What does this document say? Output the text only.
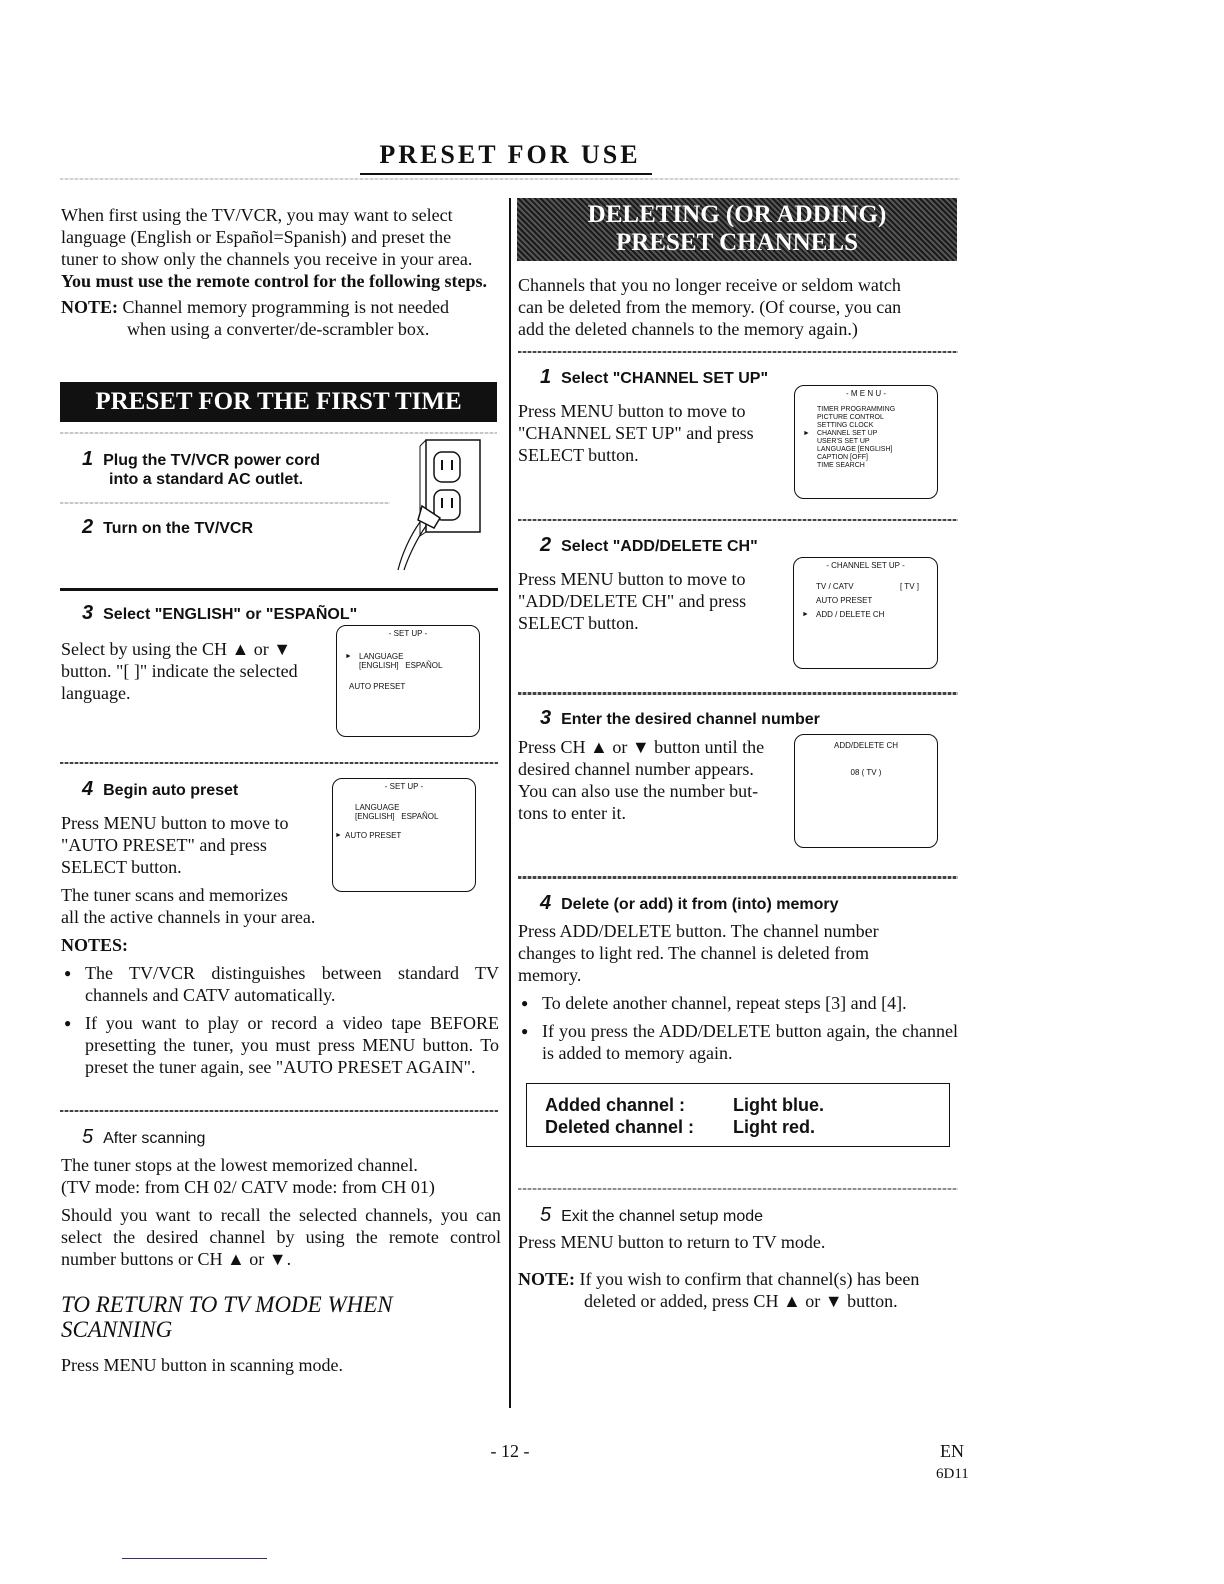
PRESET FOR USE
When first using the TV/VCR, you may want to select
language (English or Español=Spanish) and preset the
tuner to show only the channels you receive in your area.
You must use the remote control for the following steps.
NOTE: Channel memory programming is not needed
when using a converter/de-scrambler box.
PRESET FOR THE FIRST TIME
1 Plug the TV/VCR power cord
into a standard AC outlet.
2 Turn on the TV/VCR
3 Select "ENGLISH" or "ESPAÑOL"
Select by using the CH ▲ or ▼
button. "[ ]" indicate the selected
language.
- SET UP -
► LANGUAGE
[ENGLISH] ESPAÑOL
AUTO PRESET
4 Begin auto preset
Press MENU button to move to
"AUTO PRESET" and press
SELECT button.
- SET UP -
LANGUAGE
[ENGLISH] ESPAÑOL
► AUTO PRESET
The tuner scans and memorizes
all the active channels in your area.
NOTES:
● The TV/VCR distinguishes between standard TV channels and CATV automatically.
● If you want to play or record a video tape BEFORE presetting the tuner, you must press MENU button. To preset the tuner again, see "AUTO PRESET AGAIN".
5 After scanning
The tuner stops at the lowest memorized channel.
(TV mode: from CH 02/ CATV mode: from CH 01)
Should you want to recall the selected channels, you can select the desired channel by using the remote control number buttons or CH ▲ or ▼.
TO RETURN TO TV MODE WHEN
SCANNING
Press MENU button in scanning mode.
DELETING (OR ADDING)
PRESET CHANNELS
Channels that you no longer receive or seldom watch
can be deleted from the memory. (Of course, you can
add the deleted channels to the memory again.)
1 Select "CHANNEL SET UP"
Press MENU button to move to
"CHANNEL SET UP" and press
SELECT button.
- M E N U -
TIMER PROGRAMMING
PICTURE CONTROL
SETTING CLOCK
► CHANNEL SET UP
USER'S SET UP
LANGUAGE [ENGLISH]
CAPTION [OFF]
TIME SEARCH
2 Select "ADD/DELETE CH"
Press MENU button to move to
"ADD/DELETE CH" and press
SELECT button.
- CHANNEL SET UP -
TV / CATV	[ TV ]
AUTO PRESET
► ADD / DELETE CH
3 Enter the desired channel number
Press CH ▲ or ▼ button until the
desired channel number appears.
You can also use the number but-
tons to enter it.
ADD/DELETE CH
08 ( TV )
4 Delete (or add) it from (into) memory
Press ADD/DELETE button. The channel number
changes to light red. The channel is deleted from
memory.
● To delete another channel, repeat steps [3] and [4].
● If you press the ADD/DELETE button again, the channel is added to memory again.
Added channel :	Light blue.
Deleted channel : Light red.
5 Exit the channel setup mode
Press MENU button to return to TV mode.
NOTE: If you wish to confirm that channel(s) has been
deleted or added, press CH ▲ or ▼ button.
- 12 -	EN
6D11
